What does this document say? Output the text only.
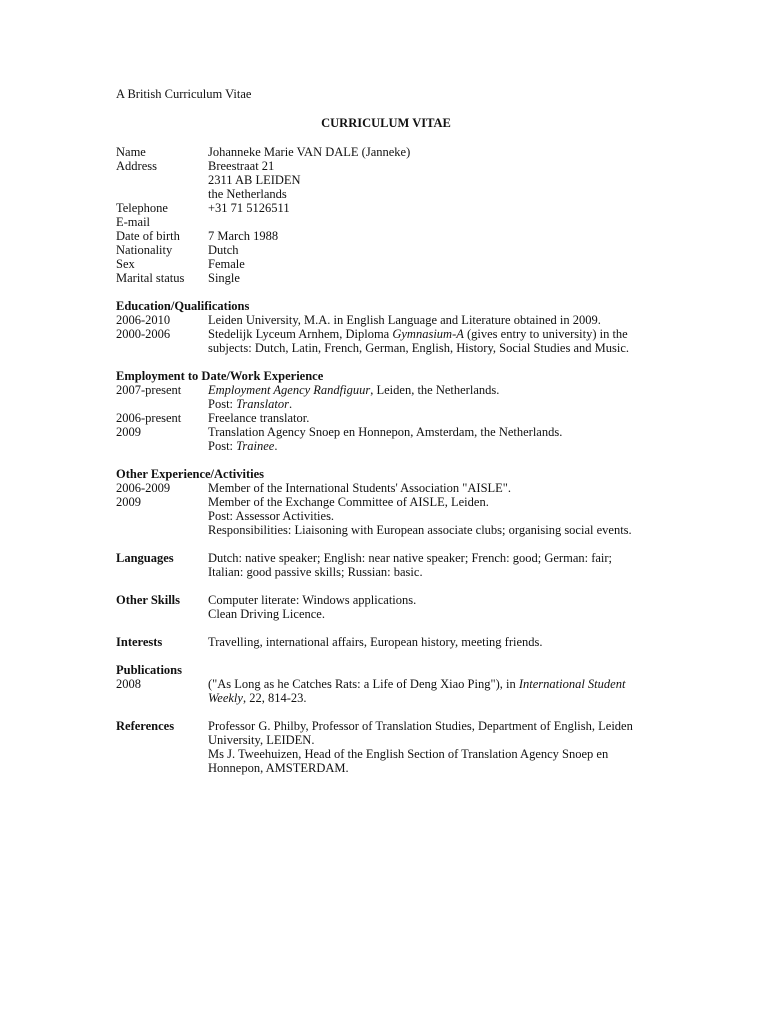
A British Curriculum Vitae
CURRICULUM VITAE
Name	Johanneke Marie VAN DALE (Janneke)
Address	Breestraat 21
2311 AB LEIDEN
the Netherlands
Telephone	+31 71 5126511
E-mail
Date of birth	7 March 1988
Nationality	Dutch
Sex	Female
Marital status	Single
Education/Qualifications
2006-2010	Leiden University, M.A. in English Language and Literature obtained in 2009.
2000-2006	Stedelijk Lyceum Arnhem, Diploma Gymnasium-A (gives entry to university) in the
subjects: Dutch, Latin, French, German, English, History, Social Studies and Music.
Employment to Date/Work Experience
2007-present	Employment Agency Randfiguur, Leiden, the Netherlands.
Post: Translator.
2006-present	Freelance translator.
2009	Translation Agency Snoep en Honnepon, Amsterdam, the Netherlands.
Post: Trainee.
Other Experience/Activities
2006-2009	Member of the International Students' Association "AISLE".
2009	Member of the Exchange Committee of AISLE, Leiden.
Post: Assessor Activities.
Responsibilities: Liaisoning with European associate clubs; organising social events.
Languages	Dutch: native speaker; English: near native speaker; French: good; German: fair;
Italian: good passive skills; Russian: basic.
Other Skills	Computer literate: Windows applications.
Clean Driving Licence.
Interests	Travelling, international affairs, European history, meeting friends.
Publications
2008	("As Long as he Catches Rats: a Life of Deng Xiao Ping"), in International Student
Weekly, 22, 814-23.
References	Professor G. Philby, Professor of Translation Studies, Department of English, Leiden
University, LEIDEN.
Ms J. Tweehuizen, Head of the English Section of Translation Agency Snoep en
Honnepon, AMSTERDAM.
